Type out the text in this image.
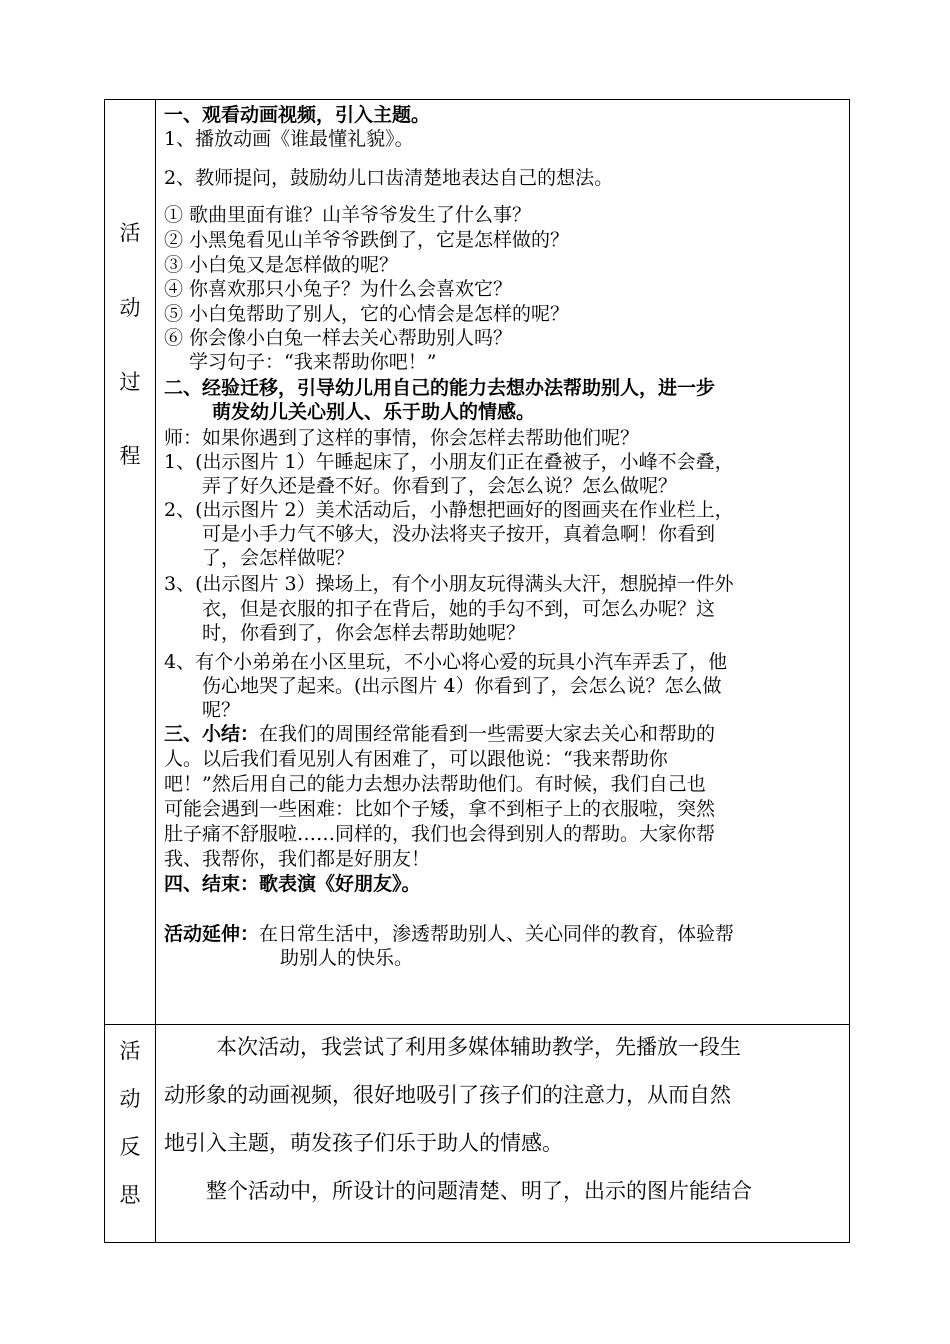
活
动
过
程
活
动
反
思
一、观看动画视频，引入主题。
1、播放动画《谁最懂礼貌》。
2、教师提问，鼓励幼儿口齿清楚地表达自己的想法。
① 歌曲里面有谁？山羊爷爷发生了什么事？
② 小黑兔看见山羊爷爷跌倒了，它是怎样做的？
③ 小白兔又是怎样做的呢？
④ 你喜欢那只小兔子？为什么会喜欢它？
⑤ 小白兔帮助了别人，它的心情会是怎样的呢？
⑥ 你会像小白兔一样去关心帮助别人吗？
学习句子：“我来帮助你吧！”
二、经验迁移，引导幼儿用自己的能力去想办法帮助别人，进一步
萌发幼儿关心别人、乐于助人的情感。
师：如果你遇到了这样的事情，你会怎样去帮助他们呢？
1、(出示图片 1）午睡起床了，小朋友们正在叠被子，小峰不会叠，
弄了好久还是叠不好。你看到了，会怎么说？怎么做呢？
2、(出示图片 2）美术活动后，小静想把画好的图画夹在作业栏上，
可是小手力气不够大，没办法将夹子按开，真着急啊！你看到
了，会怎样做呢？
3、(出示图片 3）操场上，有个小朋友玩得满头大汗，想脱掉一件外
衣，但是衣服的扣子在背后，她的手勾不到，可怎么办呢？这
时，你看到了，你会怎样去帮助她呢？
4、有个小弟弟在小区里玩，不小心将心爱的玩具小汽车弄丢了，他
伤心地哭了起来。(出示图片 4）你看到了，会怎么说？怎么做
呢？
三、小结：在我们的周围经常能看到一些需要大家去关心和帮助的
人。以后我们看见别人有困难了，可以跟他说：“我来帮助你
吧！”然后用自己的能力去想办法帮助他们。有时候，我们自己也
可能会遇到一些困难：比如个子矮，拿不到柜子上的衣服啦，突然
肚子痛不舒服啦……同样的，我们也会得到别人的帮助。大家你帮
我、我帮你，我们都是好朋友！
四、结束：歌表演《好朋友》。
活动延伸：在日常生活中，渗透帮助别人、关心同伴的教育，体验帮
助别人的快乐。
本次活动，我尝试了利用多媒体辅助教学，先播放一段生
动形象的动画视频，很好地吸引了孩子们的注意力，从而自然
地引入主题，萌发孩子们乐于助人的情感。
整个活动中，所设计的问题清楚、明了，出示的图片能结合
